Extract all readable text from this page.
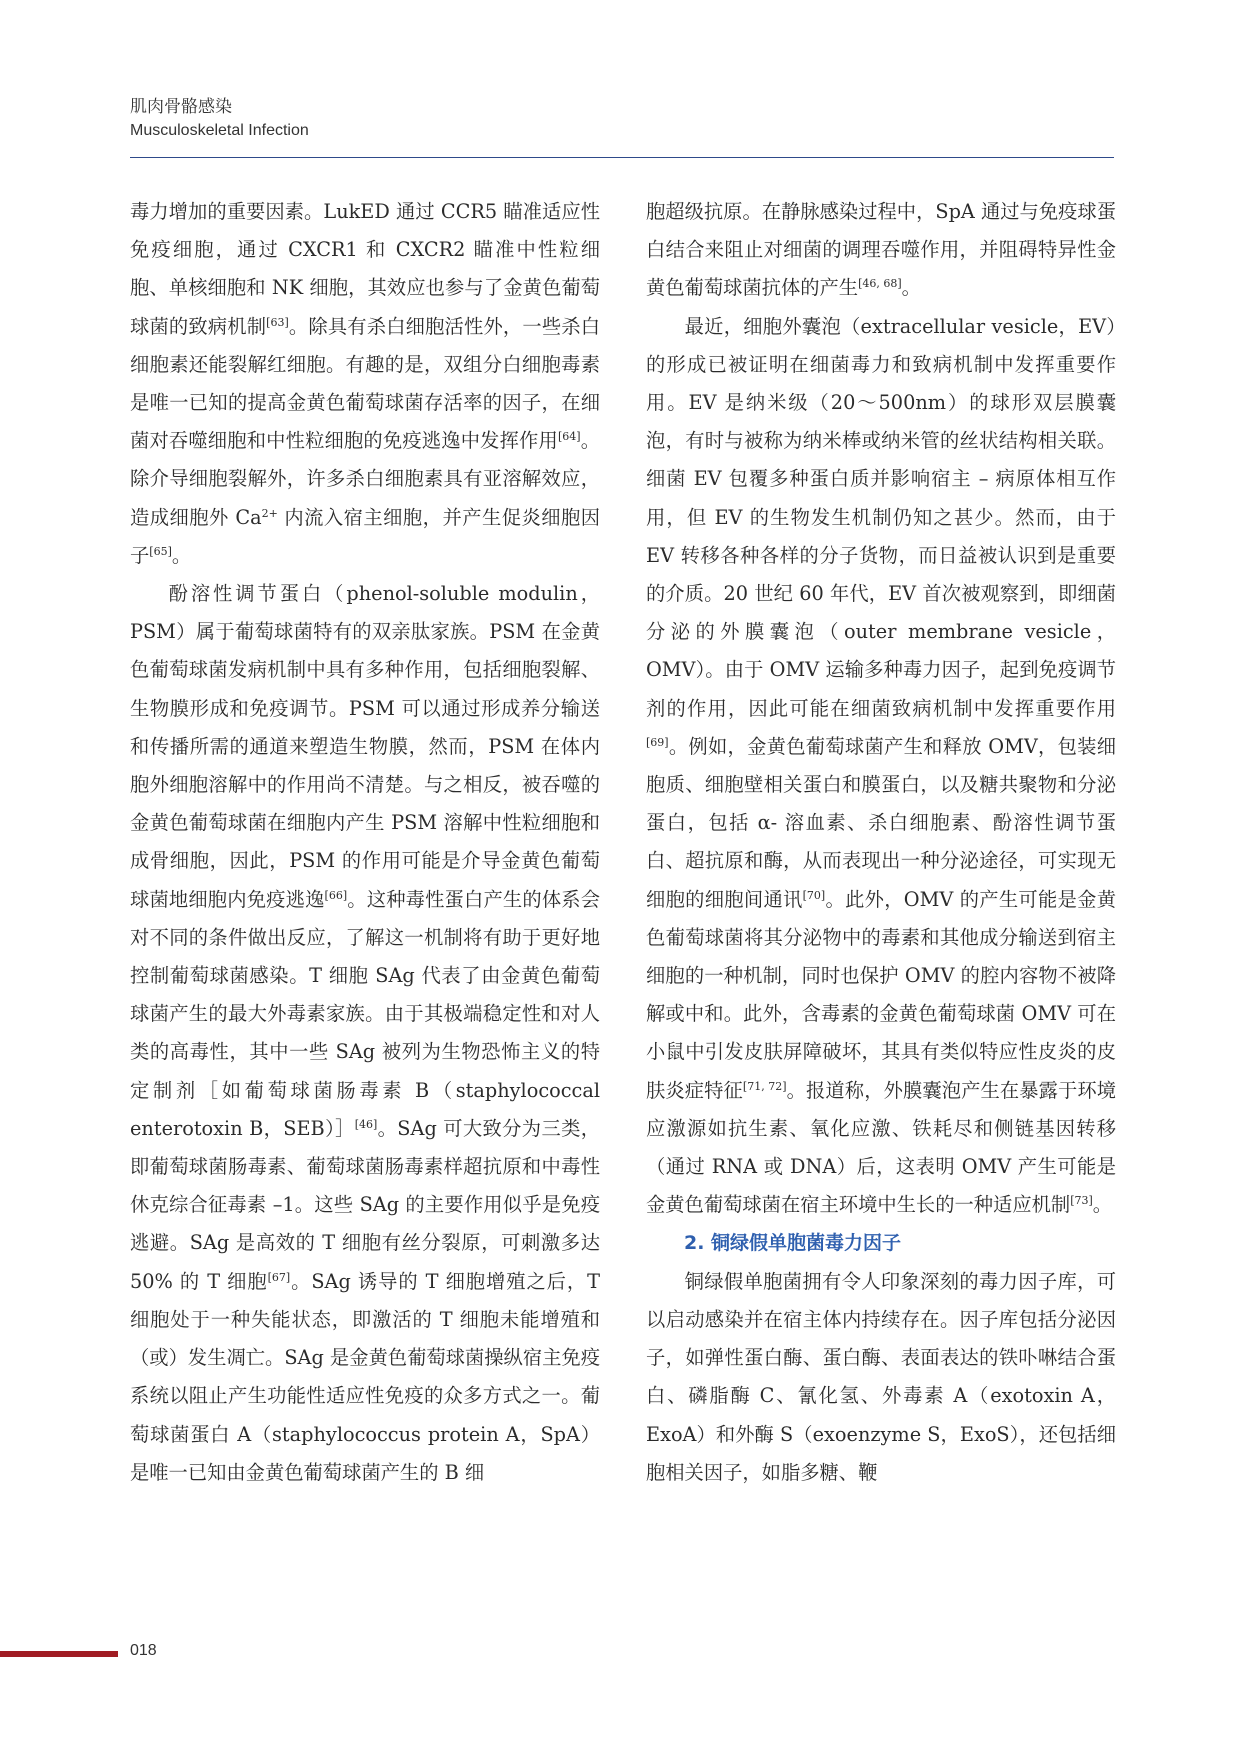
肌肉骨骼感染
Musculoskeletal Infection

毒力增加的重要因素。LukED 通过 CCR5 瞄准适应性免疫细胞，通过 CXCR1 和 CXCR2 瞄准中性粒细胞、单核细胞和 NK 细胞，其效应也参与了金黄色葡萄球菌的致病机制[63]。除具有杀白细胞活性外，一些杀白细胞素还能裂解红细胞。有趣的是，双组分白细胞毒素是唯一已知的提高金黄色葡萄球菌存活率的因子，在细菌对吞噬细胞和中性粒细胞的免疫逃逸中发挥作用[64]。除介导细胞裂解外，许多杀白细胞素具有亚溶解效应，造成细胞外 $Ca^{2+}$ 内流入宿主细胞，并产生促炎细胞因子[65]。

酚溶性调节蛋白（phenol-soluble modulin，PSM）属于葡萄球菌特有的双亲肽家族。PSM 在金黄色葡萄球菌发病机制中具有多种作用，包括细胞裂解、生物膜形成和免疫调节。PSM 可以通过形成养分输送和传播所需的通道来塑造生物膜，然而，PSM 在体内胞外细胞溶解中的作用尚不清楚。与之相反，被吞噬的金黄色葡萄球菌在细胞内产生 PSM 溶解中性粒细胞和成骨细胞，因此，PSM 的作用可能是介导金黄色葡萄球菌地细胞内免疫逃逸[66]。这种毒性蛋白产生的体系会对不同的条件做出反应，了解这一机制将有助于更好地控制葡萄球菌感染。T 细胞 SAg 代表了由金黄色葡萄球菌产生的最大外毒素家族。由于其极端稳定性和对人类的高毒性，其中一些 SAg 被列为生物恐怖主义的特定制剂［如葡萄球菌肠毒素 B（staphylococcal enterotoxin B，SEB）］[46]。SAg 可大致分为三类，即葡萄球菌肠毒素、葡萄球菌肠毒素样超抗原和中毒性休克综合征毒素 –1。这些 SAg 的主要作用似乎是免疫逃避。SAg 是高效的 T 细胞有丝分裂原，可刺激多达 50% 的 T 细胞[67]。SAg 诱导的 T 细胞增殖之后，T 细胞处于一种失能状态，即激活的 T 细胞未能增殖和（或）发生凋亡。SAg 是金黄色葡萄球菌操纵宿主免疫系统以阻止产生功能性适应性免疫的众多方式之一。葡萄球菌蛋白 A（staphylococcus protein A，SpA）是唯一已知由金黄色葡萄球菌产生的 B 细

胞超级抗原。在静脉感染过程中，SpA 通过与免疫球蛋白结合来阻止对细菌的调理吞噬作用，并阻碍特异性金黄色葡萄球菌抗体的产生[46, 68]。

最近，细胞外囊泡（extracellular vesicle，EV）的形成已被证明在细菌毒力和致病机制中发挥重要作用。EV 是纳米级（20～500nm）的球形双层膜囊泡，有时与被称为纳米棒或纳米管的丝状结构相关联。细菌 EV 包覆多种蛋白质并影响宿主 – 病原体相互作用，但 EV 的生物发生机制仍知之甚少。然而，由于 EV 转移各种各样的分子货物，而日益被认识到是重要的介质。20 世纪 60 年代，EV 首次被观察到，即细菌分泌的外膜囊泡（outer membrane vesicle，OMV）。由于 OMV 运输多种毒力因子，起到免疫调节剂的作用，因此可能在细菌致病机制中发挥重要作用[69]。例如，金黄色葡萄球菌产生和释放 OMV，包装细胞质、细胞壁相关蛋白和膜蛋白，以及糖共聚物和分泌蛋白，包括 α- 溶血素、杀白细胞素、酚溶性调节蛋白、超抗原和酶，从而表现出一种分泌途径，可实现无细胞的细胞间通讯[70]。此外，OMV 的产生可能是金黄色葡萄球菌将其分泌物中的毒素和其他成分输送到宿主细胞的一种机制，同时也保护 OMV 的腔内容物不被降解或中和。此外，含毒素的金黄色葡萄球菌 OMV 可在小鼠中引发皮肤屏障破坏，其具有类似特应性皮炎的皮肤炎症特征[71, 72]。报道称，外膜囊泡产生在暴露于环境应激源如抗生素、氧化应激、铁耗尽和侧链基因转移（通过 RNA 或 DNA）后，这表明 OMV 产生可能是金黄色葡萄球菌在宿主环境中生长的一种适应机制[73]。

2. 铜绿假单胞菌毒力因子

铜绿假单胞菌拥有令人印象深刻的毒力因子库，可以启动感染并在宿主体内持续存在。因子库包括分泌因子，如弹性蛋白酶、蛋白酶、表面表达的铁卟啉结合蛋白、磷脂酶 C、氰化氢、外毒素 A（exotoxin A，ExoA）和外酶 S（exoenzyme S，ExoS），还包括细胞相关因子，如脂多糖、鞭

018
